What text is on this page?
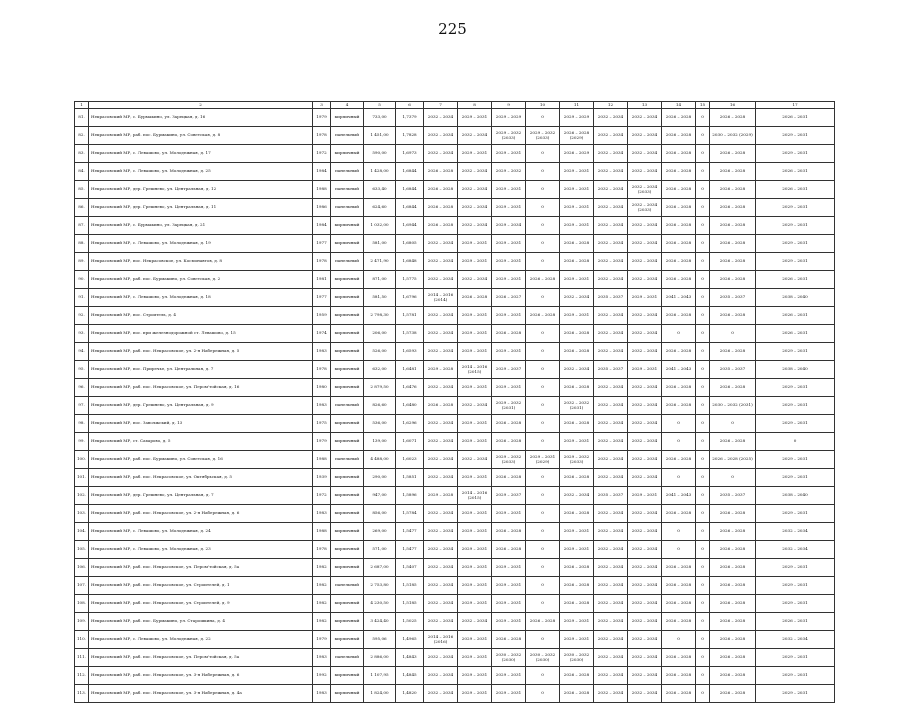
225
1	2	3	4	5	6	7	8	9	10	11	12	13	14	15	16	17
81.	Некрасовский МР, с. Бурмакино, ул. Зарецкая, д. 16	1979	кирпичный	733,00	1,7379	2032 – 2034	2029 – 2031	2029 – 2029	0	2029 – 2029	2032 – 2034	2032 – 2034	2026 – 2028	0	2026 – 2028	2026 – 2031
82.	Некрасовский МР, раб. пос. Бурмакино, ул. Советская, д. 8	1978	панельный	1 451,00	1,7828	2032 – 2034	2032 – 2034	2029 – 2032 (2033)	2029 – 2032 (2033)	2026 – 2028 (2029)	2032 – 2034	2032 – 2034	2026 – 2028	0	2030 – 2032 (2029)	2029 – 2031
83.	Некрасовский МР, с. Левашово, ул. Молодежная, д. 17	1972	кирпичный	590,00	1,6973	2032 – 2034	2029 – 2031	2029 – 2031	0	2026 – 2029	2032 – 2034	2032 – 2034	2026 – 2028	0	2026 – 2028	2029 – 2031
84.	Некрасовский МР, с. Левашово, ул. Молодежная, д. 25	1984	панельный	1 428,00	1,6844	2026 – 2028	2032 – 2034	2029 – 2032	0	2029 – 2031	2032 – 2034	2032 – 2034	2026 – 2028	0	2026 – 2028	2026 – 2031
85.	Некрасовский МР, дер. Грешнево, ул. Центральная, д. 12	1988	панельный	633,40	1,6844	2026 – 2028	2032 – 2034	2029 – 2031	0	2029 – 2031	2032 – 2034	2032 – 2034 (2033)	2026 – 2028	0	2026 – 2028	2026 – 2031
86.	Некрасовский МР, дер. Грешнево, ул. Центральная, д. 11	1986	панельный	624,60	1,6844	2026 – 2028	2032 – 2034	2029 – 2031	0	2029 – 2031	2032 – 2034	2032 – 2034 (2033)	2026 – 2028	0	2026 – 2028	2029 – 2031
87.	Некрасовский МР, с. Бурмакино, ул. Зарецкая, д. 21	1984	кирпичный	1 032,00	1,6944	2026 – 2028	2032 – 2034	2029 – 2034	0	2029 – 2031	2032 – 2034	2032 – 2034	2026 – 2028	0	2026 – 2028	2029 – 2031
88.	Некрасовский МР, с. Левашово, ул. Молодежная, д. 19	1977	кирпичный	581,00	1,6805	2032 – 2034	2029 – 2031	2029 – 2031	0	2026 – 2028	2032 – 2034	2032 – 2034	2026 – 2028	0	2026 – 2028	2029 – 2031
89.	Некрасовский МР, пос. Некрасовское, ул. Космонавтов, д. 8	1978	панельный	2 471,90	1,6848	2032 – 2034	2029 – 2031	2029 – 2031	0	2026 – 2028	2032 – 2034	2032 – 2034	2026 – 2028	0	2026 – 2028	2029 – 2031
90.	Некрасовский МР, раб. пос. Бурмакино, ул. Советская, д. 2	1981	кирпичный	871,00	1,5775	2032 – 2034	2032 – 2034	2029 – 2031	2026 – 2028	2029 – 2031	2032 – 2034	2032 – 2034	2026 – 2028	0	2026 – 2028	2026 – 2031
91.	Некрасовский МР, с. Левашово, ул. Молодежная, д. 18	1977	кирпичный	581,50	1,6796	2014 – 2016 (2014)	2026 – 2028	2026 – 2027	0	2032 – 2034	2035 – 2037	2029 – 2031	2041 – 2043	0	2035 – 2037	2038 – 2040
92.	Некрасовский МР, пос. Строитель, д. 4	1959	кирпичный	2 798,30	1,5781	2032 – 2034	2029 – 2031	2029 – 2031	2026 – 2028	2029 – 2031	2032 – 2034	2032 – 2034	2026 – 2028	0	2026 – 2028	2026 – 2031
93.	Некрасовский МР, пос. при железнодорожной ст. Левашово, д. 15	1974	кирпичный	206,00	1,5738	2032 – 2034	2029 – 2031	2026 – 2028	0	2026 – 2028	2032 – 2034	2032 – 2034	0	0	0	2026 – 2031
94.	Некрасовский МР, раб. пос. Некрасовское, ул. 2-я Набережная, д. 5	1983	кирпичный	526,00	1,6593	2032 – 2034	2029 – 2031	2029 – 2031	0	2026 – 2028	2032 – 2034	2032 – 2034	2026 – 2028	0	2026 – 2028	2029 – 2031
95.	Некрасовский МР, пос. Приречье, ул. Центральная, д. 7	1978	кирпичный	632,00	1,6481	2029 – 2028	2014 – 2016 (2015)	2029 – 2037	0	2032 – 2034	2035 – 2037	2029 – 2031	2041 – 2043	0	2035 – 2037	2038 – 2040
96.	Некрасовский МР, раб. пос. Некрасовское, ул. Пером'тойская, д. 16	1980	кирпичный	2 879,50	1,6476	2032 – 2034	2029 – 2031	2029 – 2031	0	2026 – 2028	2032 – 2034	2032 – 2034	2026 – 2028	0	2026 – 2028	2029 – 2031
97.	Некрасовский МР, дер. Грешнево, ул. Центральная, д. 9	1983	панельный	826,60	1,6480	2026 – 2028	2032 – 2034	2029 – 2032 (2031)	0	2032 – 2032 (2031)	2032 – 2034	2032 – 2034	2026 – 2028	0	2030 – 2032 (2031)	2029 – 2031
98.	Некрасовский МР, пос. Заволжский, д. 13	1975	кирпичный	536,00	1,6296	2032 – 2034	2029 – 2031	2026 – 2028	0	2026 – 2028	2032 – 2034	2032 – 2034	0	0	0	2029 – 2031
99.	Некрасовский МР, ст. Сахарово, д. 5	1979	кирпичный	139,00	1,6071	2032 – 2034	2029 – 2031	2026 – 2028	0	2029 – 2031	2032 – 2034	2032 – 2034	0	0	2026 – 2028	0
100.	Некрасовский МР, раб. пос. Бурмакино, ул. Советская, д. 16	1988	панельный	4 488,00	1,6023	2032 – 2034	2032 – 2034	2029 – 2032 (2033)	2029 – 2031 (2029)	2029 – 2032 (2033)	2032 – 2034	2032 – 2034	2026 – 2028	0	2026 – 2028 (2025)	2029 – 2031
101.	Некрасовский МР, раб. пос. Некрасовское, ул. Октябрьская, д. 5	1939	кирпичный	290,00	1,5851	2032 – 2034	2029 – 2031	2026 – 2028	0	2026 – 2028	2032 – 2034	2032 – 2034	0	0	0	2029 – 2031
102.	Некрасовский МР, дер. Грешнево, ул. Центральная, д. 7	1972	кирпичный	947,00	1,5896	2029 – 2028	2014 – 2016 (2015)	2029 – 2037	0	2032 – 2034	2035 – 2037	2029 – 2031	2041 – 2043	0	2035 – 2037	2038 – 2040
103.	Некрасовский МР, раб. пос. Некрасовское, ул. 2-я Набережная, д. 6	1983	кирпичный	856,00	1,5784	2032 – 2034	2029 – 2031	2029 – 2031	0	2026 – 2028	2032 – 2034	2032 – 2034	2026 – 2028	0	2026 – 2028	2029 – 2031
104.	Некрасовский МР, с. Левашово, ул. Молодежная, д. 24	1988	кирпичный	269,00	1,5477	2032 – 2034	2029 – 2031	2026 – 2028	0	2029 – 2031	2032 – 2034	2032 – 2034	0	0	2026 – 2028	2032 – 2034
105.	Некрасовский МР, с. Левашово, ул. Молодежная, д. 23	1978	кирпичный	571,00	1,5477	2032 – 2034	2029 – 2031	2026 – 2028	0	2029 – 2031	2032 – 2034	2032 – 2034	0	0	2026 – 2028	2032 – 2034
106.	Некрасовский МР, раб. пос. Некрасовское, ул. Пером'тойская, д. 5а	1982	кирпичный	2 687,00	1,5407	2032 – 2034	2029 – 2031	2029 – 2031	0	2026 – 2028	2032 – 2034	2032 – 2034	2026 – 2028	0	2026 – 2028	2029 – 2031
107.	Некрасовский МР, раб. пос. Некрасовское, ул. Строителей, д. 1	1982	панельный	2 753,80	1,5185	2032 – 2034	2029 – 2031	2029 – 2031	0	2026 – 2028	2032 – 2034	2032 – 2034	2026 – 2028	0	2026 – 2028	2029 – 2031
108.	Некрасовский МР, раб. пос. Некрасовское, ул. Строителей, д. 9	1982	кирпичный	4 230,50	1,5185	2032 – 2034	2029 – 2031	2029 – 2031	0	2026 – 2028	2032 – 2034	2032 – 2034	2026 – 2028	0	2026 – 2028	2029 – 2031
109.	Некрасовский МР, раб. пос. Бурмакино, ул. Старошкина, д. 4	1982	кирпичный	3 424,40	1,5025	2032 – 2034	2032 – 2034	2029 – 2031	2026 – 2028	2029 – 2031	2032 – 2034	2032 – 2034	2026 – 2028	0	2026 – 2028	2026 – 2031
110.	Некрасовский МР, с. Левашово, ул. Молодежная, д. 22	1979	кирпичный	595,06	1,4965	2014 – 2016 (2016)	2029 – 2031	2026 – 2028	0	2029 – 2031	2032 – 2034	2032 – 2034	0	0	2026 – 2028	2032 – 2034
111.	Некрасовский МР, раб. пос. Некрасовское, ул. Пером'тойская, д. 5а	1983	панельный	2 886,00	1,4843	2032 – 2034	2029 – 2031	2030 – 2032 (2030)	2030 – 2032 (2030)	2030 – 2032 (2030)	2032 – 2034	2032 – 2034	2026 – 2028	0	2026 – 2028	2029 – 2031
112.	Некрасовский МР, раб. пос. Некрасовское, ул. 3-я Набережная, д. 6	1992	кирпичный	1 107,95	1,4845	2032 – 2034	2029 – 2031	2029 – 2031	0	2026 – 2028	2032 – 2034	2032 – 2034	2026 – 2028	0	2026 – 2028	2029 – 2031
113.	Некрасовский МР, раб. пос. Некрасовское, ул. 3-я Набережная, д. 4а	1983	кирпичный	1 824,00	1,4820	2032 – 2034	2029 – 2031	2029 – 2031	0	2026 – 2028	2032 – 2034	2032 – 2034	2026 – 2028	0	2026 – 2028	2029 – 2031
